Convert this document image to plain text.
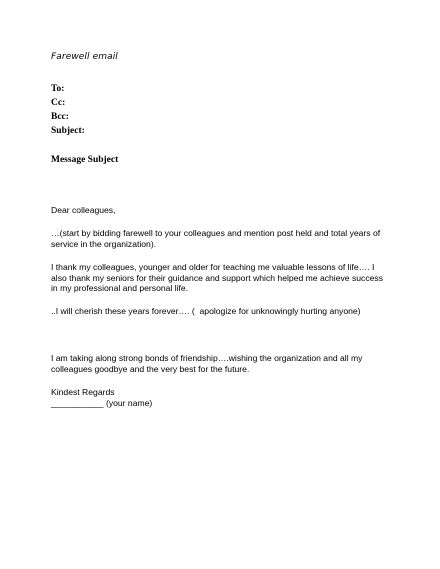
Farewell email
To:
Cc:
Bcc:
Subject:
Message Subject
Dear colleagues,
…(start by bidding farewell to your colleagues and mention post held and total years of
service in the organization).
I thank my colleagues, younger and older for teaching me valuable lessons of life…. I
also thank my seniors for their guidance and support which helped me achieve success
in my professional and personal life.
..I will cherish these years forever…. (  apologize for unknowingly hurting anyone)
I am taking along strong bonds of friendship….wishing the organization and all my
colleagues goodbye and the very best for the future.
Kindest Regards
___________ (your name)
